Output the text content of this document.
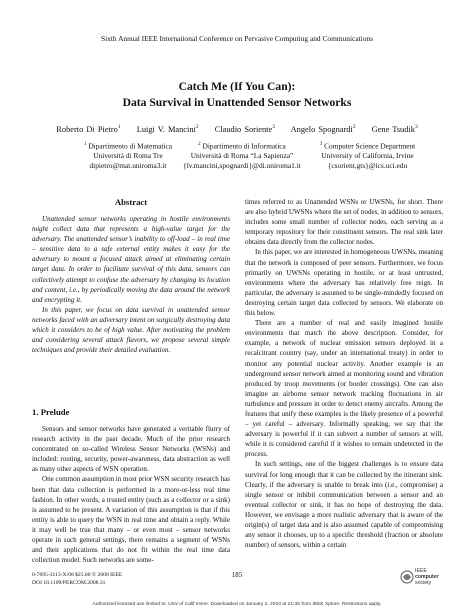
Sixth Annual IEEE International Conference on Pervasive Computing and Communications
Catch Me (If You Can):
Data Survival in Unattended Sensor Networks
Roberto Di Pietro$^1$ Luigi V. Mancini$^2$ Claudio Soriente$^3$ Angelo Spognardi$^2$ Gene Tsudik$^3$
$^1$ Dipartimento di Matematica
Università di Roma Tre
dipietro@mat.uniroma3.it
$^2$ Dipartimento di Informatica
Università di Roma “La Sapienza”
{lv.mancini,spognardi}@di.uniroma1.it
$^3$ Computer Science Department
University of California, Irvine
{csorient,gts}@ics.uci.edu
Abstract

Unattended sensor networks operating in hostile environments might collect data that represents a high-value target for the adversary. The unattended sensor’s inability to off-load – in real time – sensitive data to a safe external entity makes it easy for the adversary to mount a focused attack aimed at eliminating certain target data. In order to facilitate survival of this data, sensors can collectively attempt to confuse the adversary by changing its location and content, i.e., by periodically moving the data around the network and encrypting it.

In this paper, we focus on data survival in unattended sensor networks faced with an adversary intent on surgically destroying data which it considers to be of high value. After motivating the problem and considering several attack flavors, we propose several simple techniques and provide their detailed evaluation.

1. Prelude

Sensors and sensor networks have generated a veritable flurry of research activity in the past decade. Much of the prior research concentrated on so-called Wireless Sensor Networks (WSNs) and included: routing, security, power-awareness, data abstraction as well as many other aspects of WSN operation.

One common assumption in most prior WSN security research has been that data collection is performed in a more-or-less real time fashion. In other words, a trusted entity (such as a collector or a sink) is assumed to be present. A variation of this assumption is that if this entity is able to query the WSN in real time and obtain a reply. While it may well be true that many – or even most – sensor networks operate in such general settings, there remains a segment of WSNs and their applications that do not fit within the real time data collection model. Such networks are some-

times referred to as Unattended WSNs or UWSNs, for short. There are also hybrid UWSNs where the set of nodes, in addition to sensors, includes some small number of collector nodes, each serving as a temporary repository for their constituent sensors. The real sink later obtains data directly from the collector nodes.

In this paper, we are interested in homogeneous UWSNs, meaning that the network is composed of peer sensors. Furthermore, we focus primarily on UWSNs operating in hostile, or at least untrusted, environments where the adversary has relatively free reign. In particular, the adversary is assumed to be single-mindedly focused on destroying certain target data collected by sensors. We elaborate on this below.

There are a number of real and easily imagined hostile environments that match the above description. Consider, for example, a network of nuclear emission sensors deployed in a recalcitrant country (say, under an international treaty) in order to monitor any potential nuclear activity. Another example is an underground sensor network aimed at monitoring sound and vibration produced by troop movements (or border crossings). One can also imagine an airborne sensor network tracking fluctuations in air turbulence and pressure in order to detect enemy aircrafts. Among the features that unify these examples is the likely presence of a powerful – yet careful – adversary. Informally speaking, we say that the adversary is powerful if it can subvert a number of sensors at will, while it is considered careful if it wishes to remain undetected in the process.

In such settings, one of the biggest challenges is to ensure data survival for long enough that it can be collected by the itinerant sink. Clearly, if the adversary is unable to break into (i.e., compromise) a single sensor or inhibit communication between a sensor and an eventual collector or sink, it has no hope of destroying the data. However, we envisage a more realistic adversary that is aware of the origin(s) of target data and is also assumed capable of compromising any sensor it chooses, up to a specific threshold (fraction or absolute number) of sensors, within a certain

0-7695-3113-X/08 $25.00 © 2008 IEEE
DOI 10.1109/PERCOM.2008.31
185	IEEE
computer
society
Authorized licensed use limited to: Univ of Calif Irvine. Downloaded on January 2, 2010 at 21:35 from IEEE Xplore. Restrictions apply.
